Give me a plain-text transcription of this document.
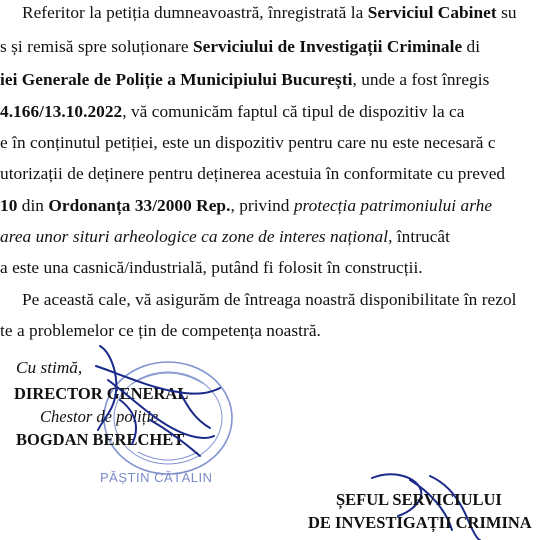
Referitor la petiția dumneavoastră, înregistrată la Serviciul Cabinet su
s și remisă spre soluționare Serviciului de Investigații Criminale di
iei Generale de Poliție a Municipiului București, unde a fost înregis
4.166/13.10.2022, vă comunicăm faptul că tipul de dispozitiv la ca
e în conținutul petiției, este un dispozitiv pentru care nu este necesară c
utorizații de deținere pentru deținerea acestuia în conformitate cu preved
10 din Ordonanța 33/2000 Rep., privind protecția patrimoniului arhe
area unor situri arheologice ca zone de interes național, întrucât
a este una casnică/industrială, putând fi folosit în construcții.
Pe această cale, vă asigurăm de întreaga noastră disponibilitate în rezol
te a problemelor ce țin de competența noastră.
Cu stimă,
DIRECTOR GENERAL
Chestor de poliție
BOGDAN BERECHET
PĂȘTIN CĂTĂLIN
ȘEFUL SERVICIULUI
DE INVESTIGAȚII CRIMINA
